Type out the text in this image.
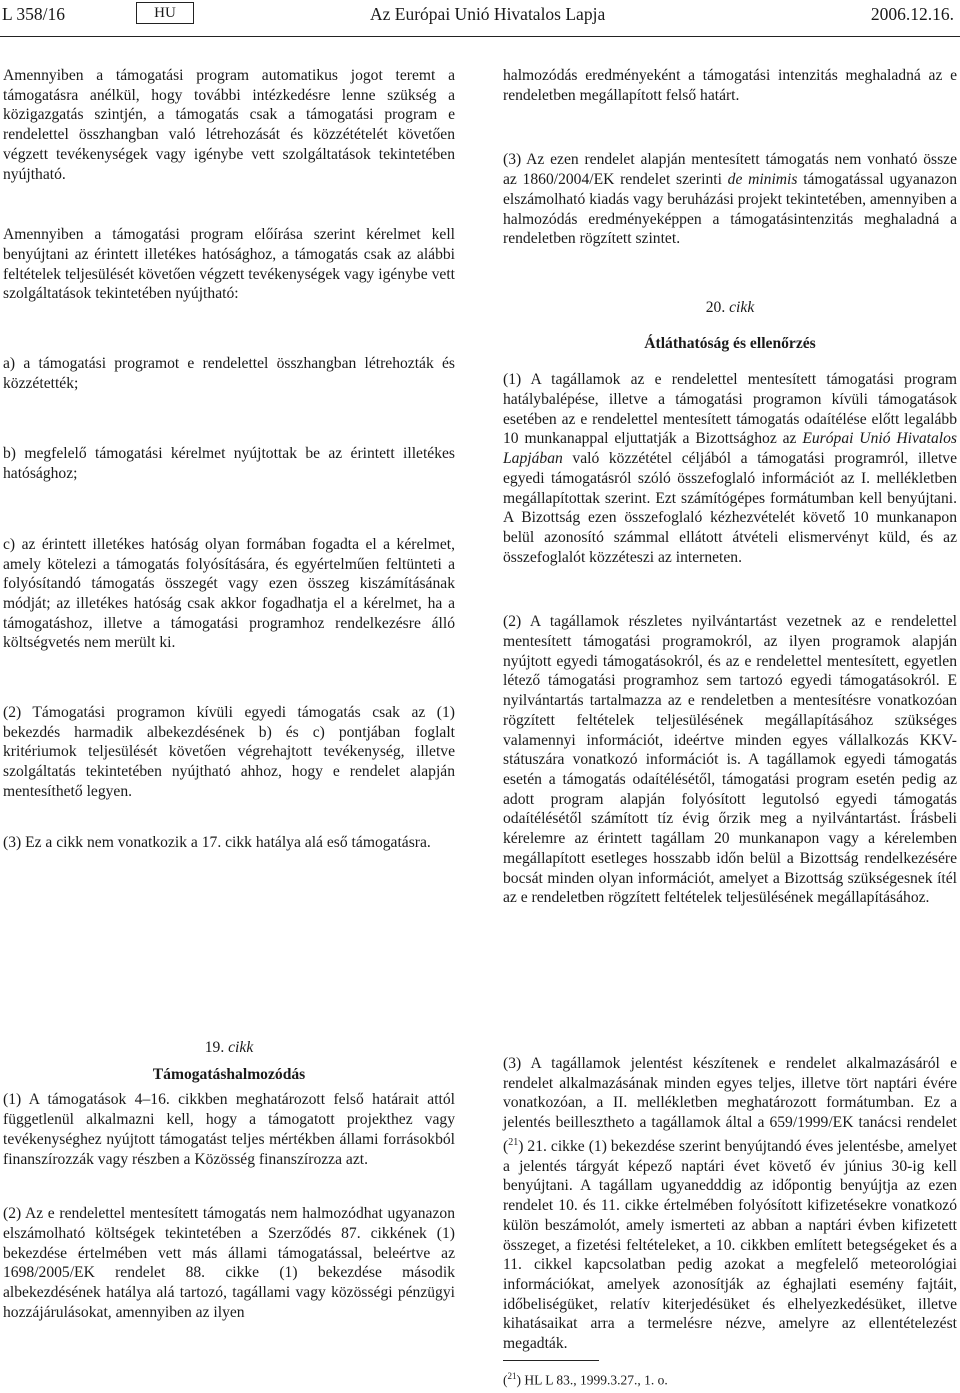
L 358/16	HU	Az Európai Unió Hivatalos Lapja	2006.12.16.

Amennyiben a támogatási program automatikus jogot teremt a támogatásra anélkül, hogy további intézkedésre lenne szükség a közigazgatás szintjén, a támogatás csak a támogatási program e rendelettel összhangban való létrehozását és közzétételét követően végzett tevékenységek vagy igénybe vett szolgáltatások tekintetében nyújtható.

Amennyiben a támogatási program előírása szerint kérelmet kell benyújtani az érintett illetékes hatósághoz, a támogatás csak az alábbi feltételek teljesülését követően végzett tevékenységek vagy igénybe vett szolgáltatások tekintetében nyújtható:

a) a támogatási programot e rendelettel összhangban létrehozták és közzétették;

b) megfelelő támogatási kérelmet nyújtottak be az érintett illetékes hatósághoz;

c) az érintett illetékes hatóság olyan formában fogadta el a kérelmet, amely kötelezi a támogatás folyósítására, és egyértelműen feltünteti a folyósítandó támogatás összegét vagy ezen összeg kiszámításának módját; az illetékes hatóság csak akkor fogadhatja el a kérelmet, ha a támogatáshoz, illetve a támogatási programhoz rendelkezésre álló költségvetés nem merült ki.

(2) Támogatási programon kívüli egyedi támogatás csak az (1) bekezdés harmadik albekezdésének b) és c) pontjában foglalt kritériumok teljesülését követően végrehajtott tevékenység, illetve szolgáltatás tekintetében nyújtható ahhoz, hogy e rendelet alapján mentesíthető legyen.

(3) Ez a cikk nem vonatkozik a 17. cikk hatálya alá eső támogatásra.

halmozódás eredményeként a támogatási intenzitás meghaladná az e rendeletben megállapított felső határt.

(3) Az ezen rendelet alapján mentesített támogatás nem vonható össze az 1860/2004/EK rendelet szerinti de minimis támogatással ugyanazon elszámolható kiadás vagy beruházási projekt tekintetében, amennyiben a halmozódás eredményeképpen a támogatásintenzitás meghaladná a rendeletben rögzített szintet.

20. cikk

Átláthatóság és ellenőrzés

(1) A tagállamok az e rendelettel mentesített támogatási program hatálybalépése, illetve a támogatási programon kívüli támogatások esetében az e rendelettel mentesített támogatás odaítélése előtt legalább 10 munkanappal eljuttatják a Bizottsághoz az Európai Unió Hivatalos Lapjában való közzététel céljából a támogatási programról, illetve egyedi támogatásról szóló összefoglaló információt az I. mellékletben megállapítottak szerint. Ezt számítógépes formátumban kell benyújtani. A Bizottság ezen összefoglaló kézhezvételét követő 10 munkanapon belül azonosító számmal ellátott átvételi elismervényt küld, és az összefoglalót közzéteszi az interneten.

(2) A tagállamok részletes nyilvántartást vezetnek az e rendelettel mentesített támogatási programokról, az ilyen programok alapján nyújtott egyedi támogatásokról, és az e rendelettel mentesített, egyetlen létező támogatási programhoz sem tartozó egyedi támogatásokról. E nyilvántartás tartalmazza az e rendeletben a mentesítésre vonatkozóan rögzített feltételek teljesülésének megállapításához szükséges valamennyi információt, ideértve minden egyes vállalkozás KKV-státuszára vonatkozó információt is. A tagállamok egyedi támogatás esetén a támogatás odaítélésétől, támogatási program esetén pedig az adott program alapján folyósított legutolsó egyedi támogatás odaítélésétől számított tíz évig őrzik meg a nyilvántartást. Írásbeli kérelemre az érintett tagállam 20 munkanapon vagy a kérelemben megállapított esetleges hosszabb időn belül a Bizottság rendelkezésére bocsát minden olyan információt, amelyet a Bizottság szükségesnek ítél az e rendeletben rögzített feltételek teljesülésének megállapításához.

19. cikk

Támogatáshalmozódás

(1) A támogatások 4–16. cikkben meghatározott felső határait attól függetlenül alkalmazni kell, hogy a támogatott projekthez vagy tevékenységhez nyújtott támogatást teljes mértékben állami forrásokból finanszírozzák vagy részben a Közösség finanszírozza azt.

(2) Az e rendelettel mentesített támogatás nem halmozódhat ugyanazon elszámolható költségek tekintetében a Szerződés 87. cikkének (1) bekezdése értelmében vett más állami támogatással, beleértve az 1698/2005/EK rendelet 88. cikke (1) bekezdése második albekezdésének hatálya alá tartozó, tagállami vagy közösségi pénzügyi hozzájárulásokat, amennyiben az ilyen

(3) A tagállamok jelentést készítenek e rendelet alkalmazásáról e rendelet alkalmazásának minden egyes teljes, illetve tört naptári évére vonatkozóan, a II. mellékletben meghatározott formátumban. Ez a jelentés beillesztheto a tagállamok által a 659/1999/EK tanácsi rendelet ($^{21}$) 21. cikke (1) bekezdése szerint benyújtandó éves jelentésbe, amelyet a jelentés tárgyát képező naptári évet követő év június 30-ig kell benyújtani. A tagállam ugyanedddig az időpontig benyújtja az ezen rendelet 10. és 11. cikke értelmében folyósított kifizetésekre vonatkozó külön beszámolót, amely ismerteti az abban a naptári évben kifizetett összeget, a fizetési feltételeket, a 10. cikkben említett betegségeket és a 11. cikkel kapcsolatban pedig azokat a megfelelő meteorológiai információkat, amelyek azonosítják az éghajlati esemény fajtáit, időbeliségüket, relatív kiterjedésüket és elhelyezkedésüket, illetve kihatásaikat arra a termelésre nézve, amelyre az ellentételezést megadták.

($^{21}$) HL L 83., 1999.3.27., 1. o.
